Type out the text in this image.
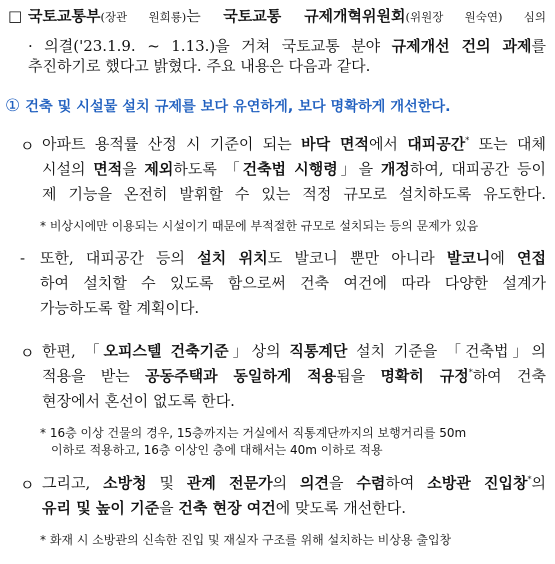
□ 국토교통부(장관 원희룡)는 국토교통 규제개혁위원회(위원장 원숙연) 심의
· 의결('23.1.9. ~ 1.13.)을 거쳐 국토교통 분야 규제개선 건의 과제를
추진하기로 했다고 밝혔다. 주요 내용은 다음과 같다.
① 건축 및 시설물 설치 규제를 보다 유연하게, 보다 명확하게 개선한다.
ㅇ 아파트 용적률 산정 시 기준이 되는 바닥 면적에서 대피공간* 또는 대체
시설의 면적을 제외하도록 「건축법 시행령」을 개정하여, 대피공간 등이
제 기능을 온전히 발휘할 수 있는 적정 규모로 설치하도록 유도한다.
* 비상시에만 이용되는 시설이기 때문에 부적절한 규모로 설치되는 등의 문제가 있음
- 또한, 대피공간 등의 설치 위치도 발코니 뿐만 아니라 발코니에 연접
하여 설치할 수 있도록 함으로써 건축 여건에 따라 다양한 설계가
가능하도록 할 계획이다.
ㅇ 한편, 「오피스텔 건축기준」상의 직통계단 설치 기준을 「건축법」의
적용을 받는 공동주택과 동일하게 적용됨을 명확히 규정*하여 건축
현장에서 혼선이 없도록 한다.
* 16층 이상 건물의 경우, 15층까지는 거실에서 직통계단까지의 보행거리를 50m
이하로 적용하고, 16층 이상인 층에 대해서는 40m 이하로 적용
ㅇ 그리고, 소방청 및 관계 전문가의 의견을 수렴하여 소방관 진입창*의
유리 및 높이 기준을 건축 현장 여건에 맞도록 개선한다.
* 화재 시 소방관의 신속한 진입 및 재실자 구조를 위해 설치하는 비상용 출입창
